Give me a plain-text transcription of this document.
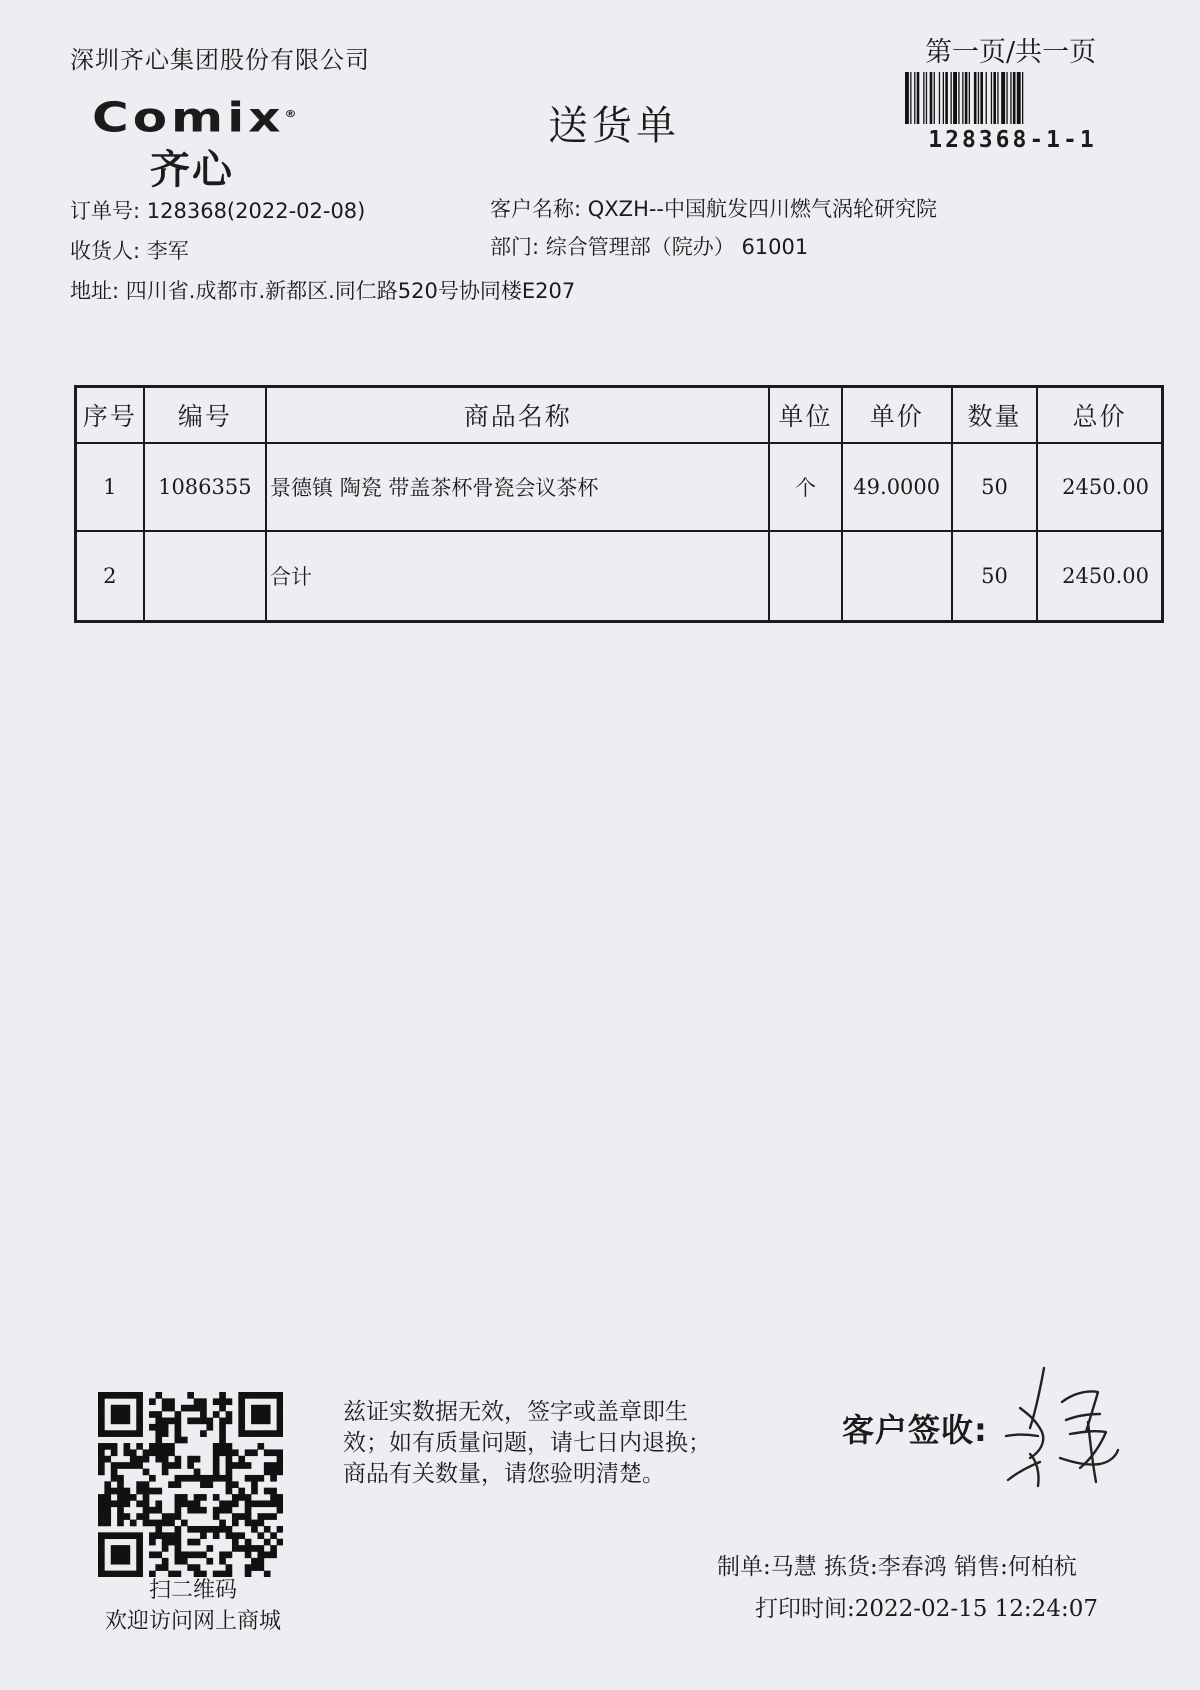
深圳齐心集团股份有限公司
Comix®
齐心
送货单
第一页/共一页
128368-1-1
订单号: 128368(2022-02-08)	客户名称: QXZH--中国航发四川燃气涡轮研究院
收货人: 李军	部门: 综合管理部（院办） 61001
地址: 四川省.成都市.新都区.同仁路520号协同楼E207
序号	编号	商品名称	单位	单价	数量	总价
1	1086355	景德镇 陶瓷 带盖茶杯骨瓷会议茶杯	个	49.0000	50	2450.00
2		合计			50	2450.00
扫二维码
欢迎访问网上商城
兹证实数据无效，签字或盖章即生
效；如有质量问题，请七日内退换；
商品有关数量，请您验明清楚。
客户签收:
制单:马慧 拣货:李春鸿 销售:何柏杭
打印时间:2022-02-15 12:24:07
